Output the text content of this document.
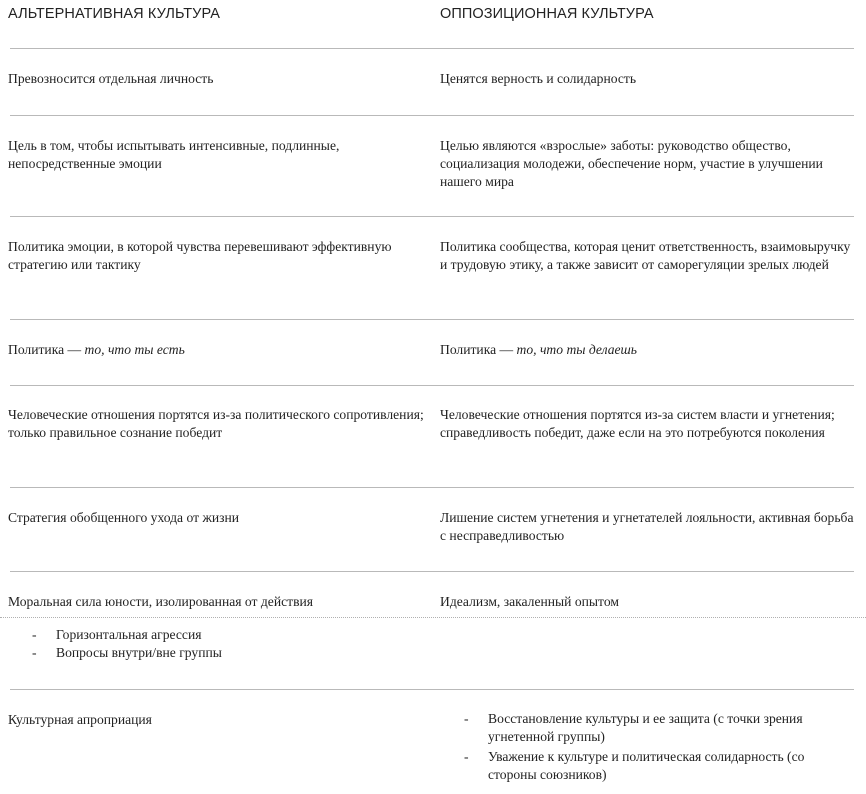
АЛЬТЕРНАТИВНАЯ КУЛЬТУРА	ОППОЗИЦИОННАЯ КУЛЬТУРА

Превозносится отдельная личность	Ценятся верность и солидарность

Цель в том, чтобы испытывать интенсивные, подлинные, непосредственные эмоции

Целью являются «взрослые» заботы: руководство общество, социализация молодежи, обеспечение норм, участие в улучшении нашего мира

Политика эмоции, в которой чувства перевешивают эффективную стратегию или тактику

Политика сообщества, которая ценит ответственность, взаимовыручку и трудовую этику, а также зависит от саморегуляции зрелых людей

Политика — то, что ты есть	Политика — то, что ты делаешь

Человеческие отношения портятся из-за политического сопротивления; только правильное сознание победит

Человеческие отношения портятся из-за систем власти и угнетения; справедливость победит, даже если на это потребуются поколения

Стратегия обобщенного ухода от жизни	Лишение систем угнетения и угнетателей лояльности, активная борьба с несправедливостью

Моральная сила юности, изолированная от действия	Идеализм, закаленный опытом

- Горизонтальная агрессия
- Вопросы внутри/вне группы

Культурная апроприация

-	Восстановление культуры и ее защита (с точки зрения угнетенной группы)
- Уважение к культуре и политическая солидарность (со стороны союзников)
